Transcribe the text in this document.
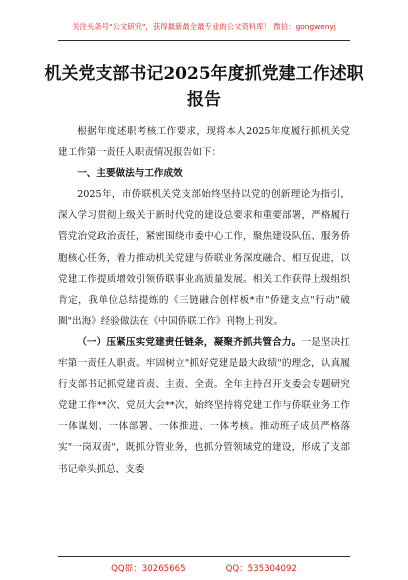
关注头条号"公文研究"，获得最新最全最专业的公文资料库！ 微信：gongwenyj
机关党支部书记2025年度抓党建工作述职报告

根据年度述职考核工作要求，现将本人2025年度履行抓机关党建工作第一责任人职责情况报告如下：

一、主要做法与工作成效

2025年，市侨联机关党支部始终坚持以党的创新理论为指引，深入学习贯彻上级关于新时代党的建设总要求和重要部署，严格履行管党治党政治责任，紧密围绕市委中心工作，聚焦建设队伍、服务侨胞核心任务，着力推动机关党建与侨联业务深度融合、相互促进，以党建工作提质增效引领侨联事业高质量发展。相关工作获得上级组织肯定，我单位总结提炼的《三链融合创样板*市"侨建支点"行动"破圈"出海》经验做法在《中国侨联工作》刊物上刊发。

（一）压紧压实党建责任链条，凝聚齐抓共管合力。一是坚决扛牢第一责任人职责。牢固树立"抓好党建是最大政绩"的理念，认真履行支部书记抓党建首责、主责、全责。全年主持召开支委会专题研究党建工作**次、党员大会**次，始终坚持将党建工作与侨联业务工作一体谋划、一体部署、一体推进、一体考核。推动班子成员严格落实"一岗双责"，既抓分管业务，也抓分管领域党的建设，形成了支部书记牵头抓总、支委

QQ群：30265665	QQ：535304092
